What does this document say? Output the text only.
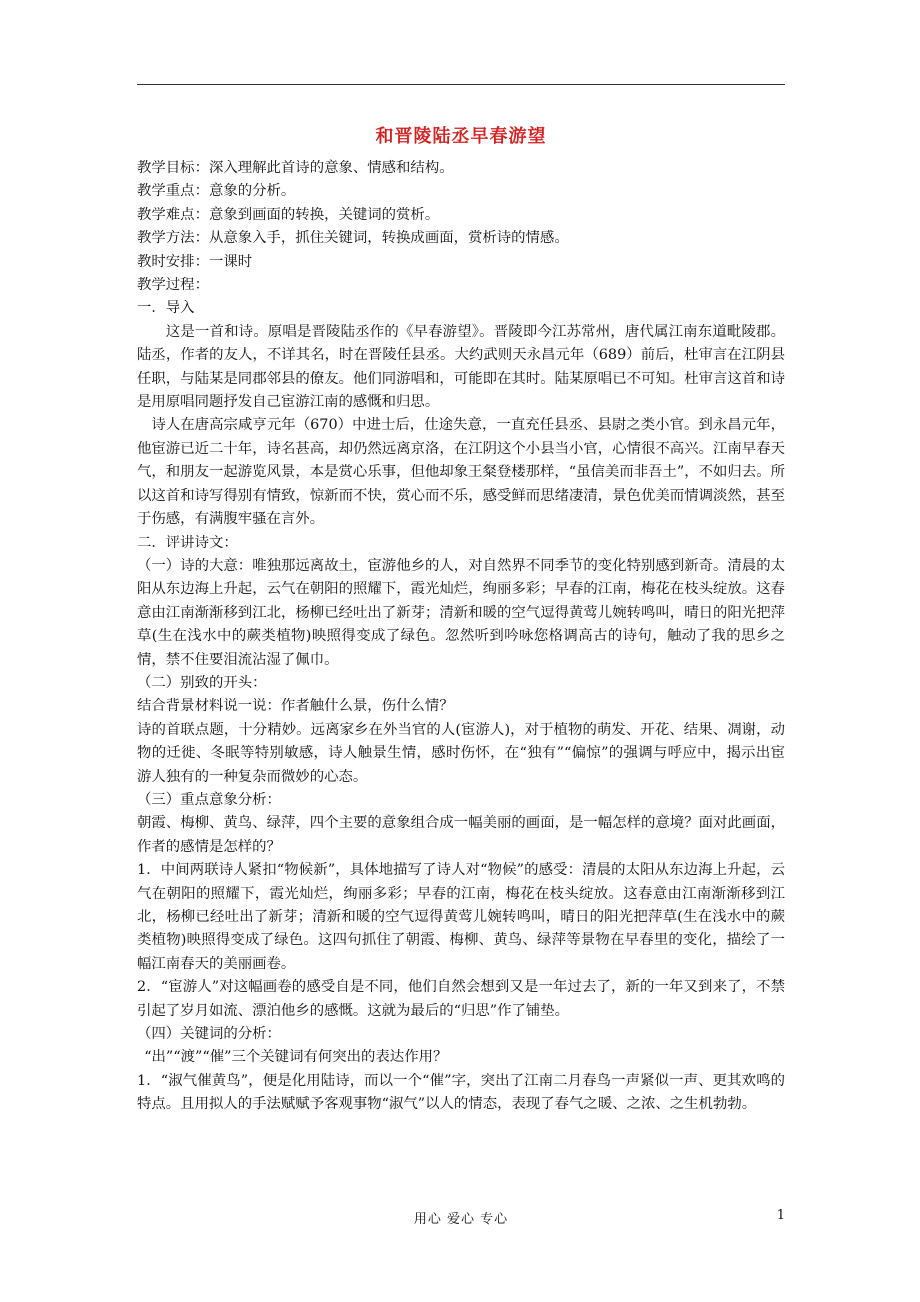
和晋陵陆丞早春游望

教学目标：深入理解此首诗的意象、情感和结构。

教学重点：意象的分析。

教学难点：意象到画面的转换，关键词的赏析。

教学方法：从意象入手，抓住关键词，转换成画面，赏析诗的情感。

教时安排：一课时

教学过程：

一．导入

这是一首和诗。原唱是晋陵陆丞作的《早春游望》。晋陵即今江苏常州，唐代属江南东道毗陵郡。陆丞，作者的友人，不详其名，时在晋陵任县丞。大约武则天永昌元年（689）前后，杜审言在江阴县任职，与陆某是同郡邻县的僚友。他们同游唱和，可能即在其时。陆某原唱已不可知。杜审言这首和诗是用原唱同题抒发自己宦游江南的感慨和归思。

诗人在唐高宗咸亨元年（670）中进士后，仕途失意，一直充任县丞、县尉之类小官。到永昌元年，他宦游已近二十年，诗名甚高，却仍然远离京洛，在江阴这个小县当小官，心情很不高兴。江南早春天气，和朋友一起游览风景，本是赏心乐事，但他却象王粲登楼那样，“虽信美而非吾土”，不如归去。所以这首和诗写得别有情致，惊新而不快，赏心而不乐，感受鲜而思绪凄清，景色优美而情调淡然，甚至于伤感，有满腹牢骚在言外。

二．评讲诗文：

（一）诗的大意：唯独那远离故土，宦游他乡的人，对自然界不同季节的变化特别感到新奇。清晨的太阳从东边海上升起，云气在朝阳的照耀下，霞光灿烂，绚丽多彩；早春的江南，梅花在枝头绽放。这春意由江南渐渐移到江北，杨柳已经吐出了新芽；清新和暖的空气逗得黄莺儿婉转鸣叫，晴日的阳光把萍草(生在浅水中的蕨类植物)映照得变成了绿色。忽然听到吟咏您格调高古的诗句，触动了我的思乡之情，禁不住要泪流沾湿了佩巾。

（二）别致的开头：

结合背景材料说一说：作者触什么景，伤什么情？

诗的首联点题，十分精妙。远离家乡在外当官的人(宦游人)，对于植物的萌发、开花、结果、凋谢，动物的迁徙、冬眠等特别敏感，诗人触景生情，感时伤怀，在“独有”“偏惊”的强调与呼应中，揭示出宦游人独有的一种复杂而微妙的心态。

（三）重点意象分析：

朝霞、梅柳、黄鸟、绿萍，四个主要的意象组合成一幅美丽的画面，是一幅怎样的意境？面对此画面，作者的感情是怎样的？

1．中间两联诗人紧扣“物候新”，具体地描写了诗人对“物候”的感受：清晨的太阳从东边海上升起，云气在朝阳的照耀下，霞光灿烂，绚丽多彩；早春的江南，梅花在枝头绽放。这春意由江南渐渐移到江北，杨柳已经吐出了新芽；清新和暖的空气逗得黄莺儿婉转鸣叫，晴日的阳光把萍草(生在浅水中的蕨类植物)映照得变成了绿色。这四句抓住了朝霞、梅柳、黄鸟、绿萍等景物在早春里的变化，描绘了一幅江南春天的美丽画卷。

2．“宦游人”对这幅画卷的感受自是不同，他们自然会想到又是一年过去了，新的一年又到来了，不禁引起了岁月如流、漂泊他乡的感慨。这就为最后的“归思”作了铺垫。

（四）关键词的分析：

“出”“渡”“催”三个关键词有何突出的表达作用？

1．“淑气催黄鸟”，便是化用陆诗，而以一个“催”字，突出了江南二月春鸟一声紧似一声、更其欢鸣的特点。且用拟人的手法赋赋予客观事物“淑气”以人的情态，表现了春气之暖、之浓、之生机勃勃。

用心 爱心 专心	1
